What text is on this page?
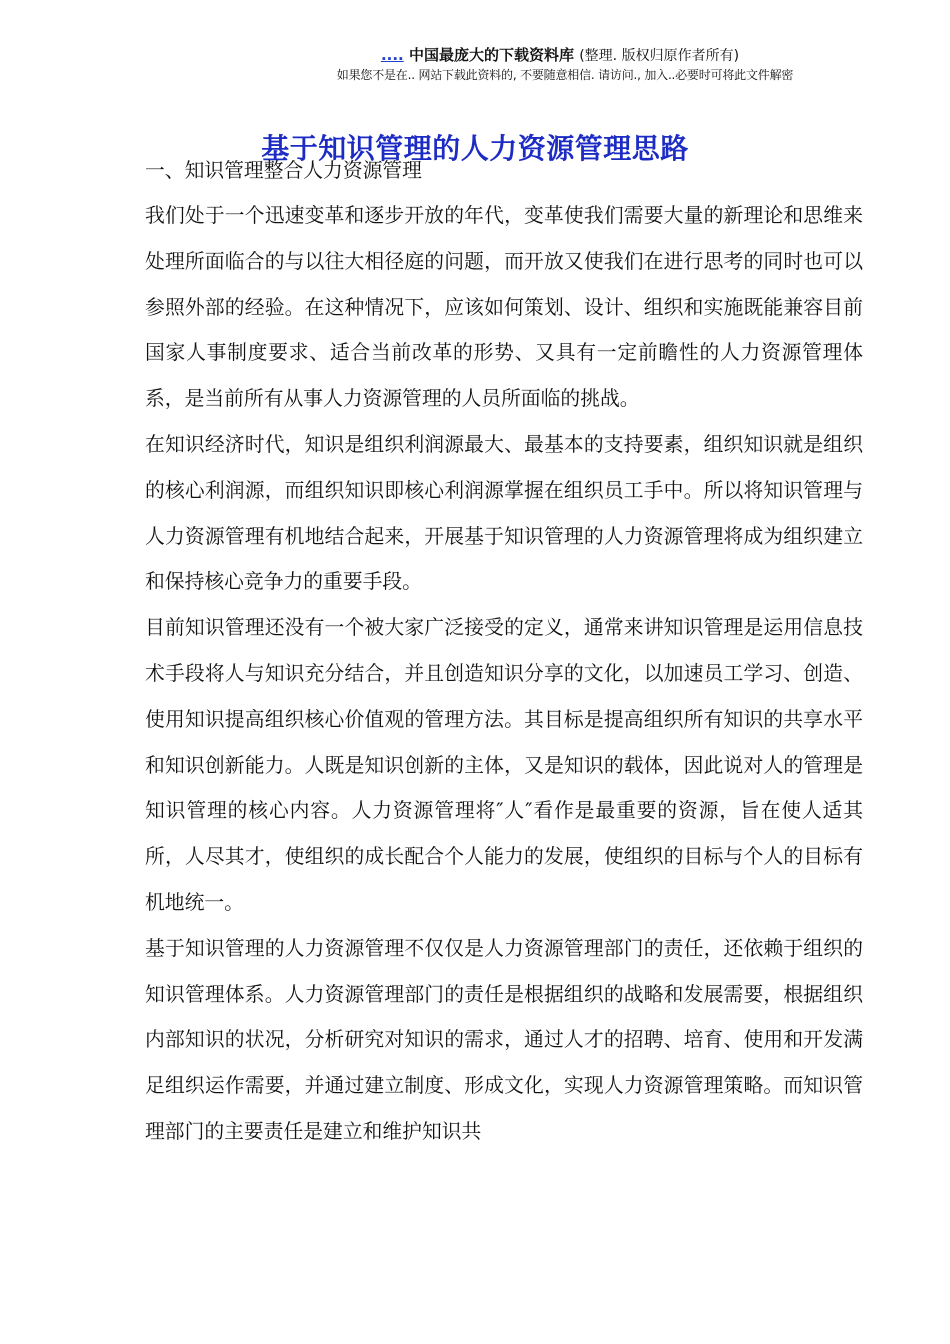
.... 中国最庞大的下载资料库 (整理. 版权归原作者所有)
如果您不是在.. 网站下载此资料的, 不要随意相信. 请访问., 加入..必要时可将此文件解密
基于知识管理的人力资源管理思路
一、知识管理整合人力资源管理

我们处于一个迅速变革和逐步开放的年代，变革使我们需要大量的新理论和思维来处理所面临合的与以往大相径庭的问题，而开放又使我们在进行思考的同时也可以参照外部的经验。在这种情况下，应该如何策划、设计、组织和实施既能兼容目前国家人事制度要求、适合当前改革的形势、又具有一定前瞻性的人力资源管理体系，是当前所有从事人力资源管理的人员所面临的挑战。

在知识经济时代，知识是组织利润源最大、最基本的支持要素，组织知识就是组织的核心利润源，而组织知识即核心利润源掌握在组织员工手中。所以将知识管理与人力资源管理有机地结合起来，开展基于知识管理的人力资源管理将成为组织建立和保持核心竞争力的重要手段。

目前知识管理还没有一个被大家广泛接受的定义，通常来讲知识管理是运用信息技术手段将人与知识充分结合，并且创造知识分享的文化，以加速员工学习、创造、使用知识提高组织核心价值观的管理方法。其目标是提高组织所有知识的共享水平和知识创新能力。人既是知识创新的主体，又是知识的载体，因此说对人的管理是知识管理的核心内容。人力资源管理将″人″看作是最重要的资源，旨在使人适其所，人尽其才，使组织的成长配合个人能力的发展，使组织的目标与个人的目标有机地统一。

基于知识管理的人力资源管理不仅仅是人力资源管理部门的责任，还依赖于组织的知识管理体系。人力资源管理部门的责任是根据组织的战略和发展需要，根据组织内部知识的状况，分析研究对知识的需求，通过人才的招聘、培育、使用和开发满足组织运作需要，并通过建立制度、形成文化，实现人力资源管理策略。而知识管理部门的主要责任是建立和维护知识共
